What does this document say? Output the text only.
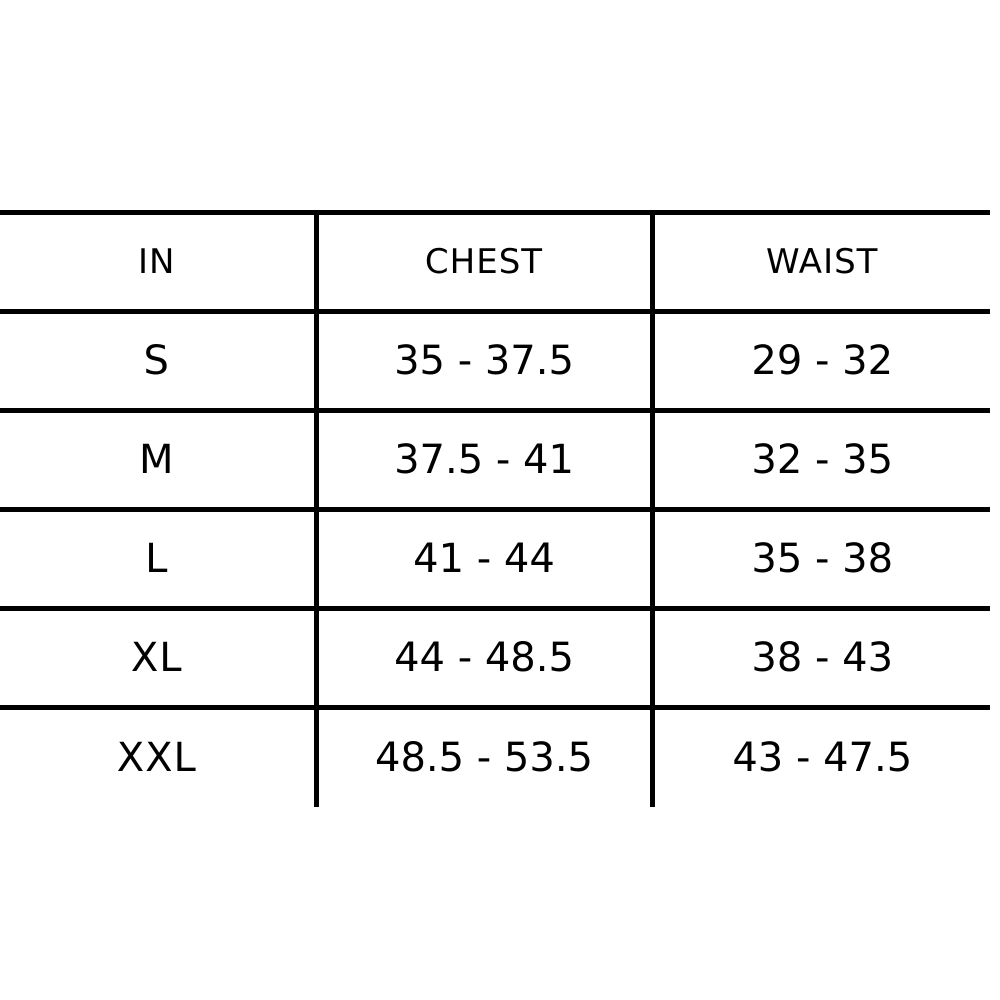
IN	CHEST	WAIST
S	35 - 37.5	29 - 32
M	37.5 - 41	32 - 35
L	41 - 44	35 - 38
XL	44 - 48.5	38 - 43
XXL	48.5 - 53.5	43 - 47.5
